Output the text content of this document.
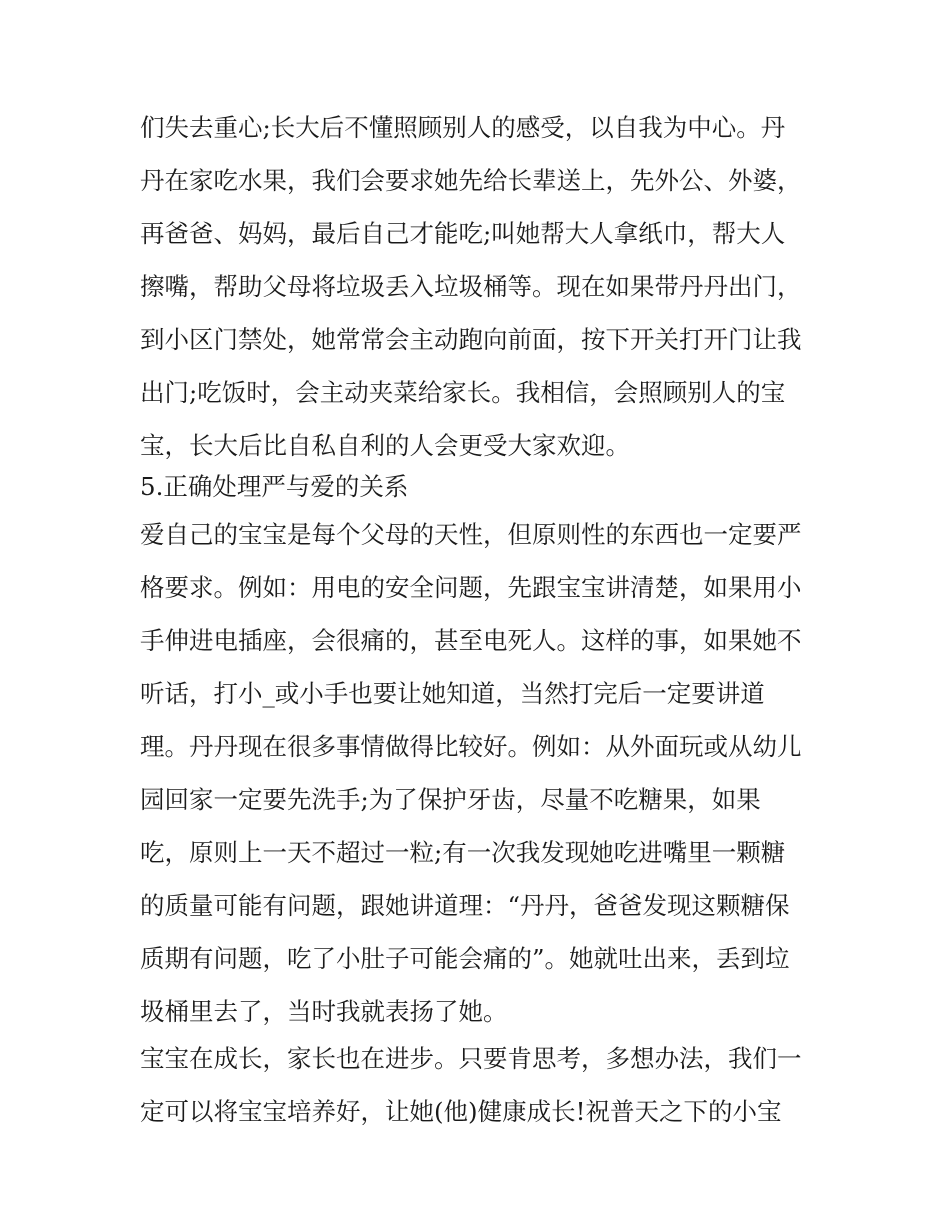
们失去重心;长大后不懂照顾别人的感受，以自我为中心。丹
丹在家吃水果，我们会要求她先给长辈送上，先外公、外婆，
再爸爸、妈妈，最后自己才能吃;叫她帮大人拿纸巾，帮大人
擦嘴，帮助父母将垃圾丢入垃圾桶等。现在如果带丹丹出门，
到小区门禁处，她常常会主动跑向前面，按下开关打开门让我
出门;吃饭时，会主动夹菜给家长。我相信，会照顾别人的宝
宝，长大后比自私自利的人会更受大家欢迎。
5.正确处理严与爱的关系
爱自己的宝宝是每个父母的天性，但原则性的东西也一定要严
格要求。例如：用电的安全问题，先跟宝宝讲清楚，如果用小
手伸进电插座，会很痛的，甚至电死人。这样的事，如果她不
听话，打小_或小手也要让她知道，当然打完后一定要讲道
理。丹丹现在很多事情做得比较好。例如：从外面玩或从幼儿
园回家一定要先洗手;为了保护牙齿，尽量不吃糖果，如果
吃，原则上一天不超过一粒;有一次我发现她吃进嘴里一颗糖
的质量可能有问题，跟她讲道理：“丹丹，爸爸发现这颗糖保
质期有问题，吃了小肚子可能会痛的”。她就吐出来，丢到垃
圾桶里去了，当时我就表扬了她。
宝宝在成长，家长也在进步。只要肯思考，多想办法，我们一
定可以将宝宝培养好，让她(他)健康成长!祝普天之下的小宝
